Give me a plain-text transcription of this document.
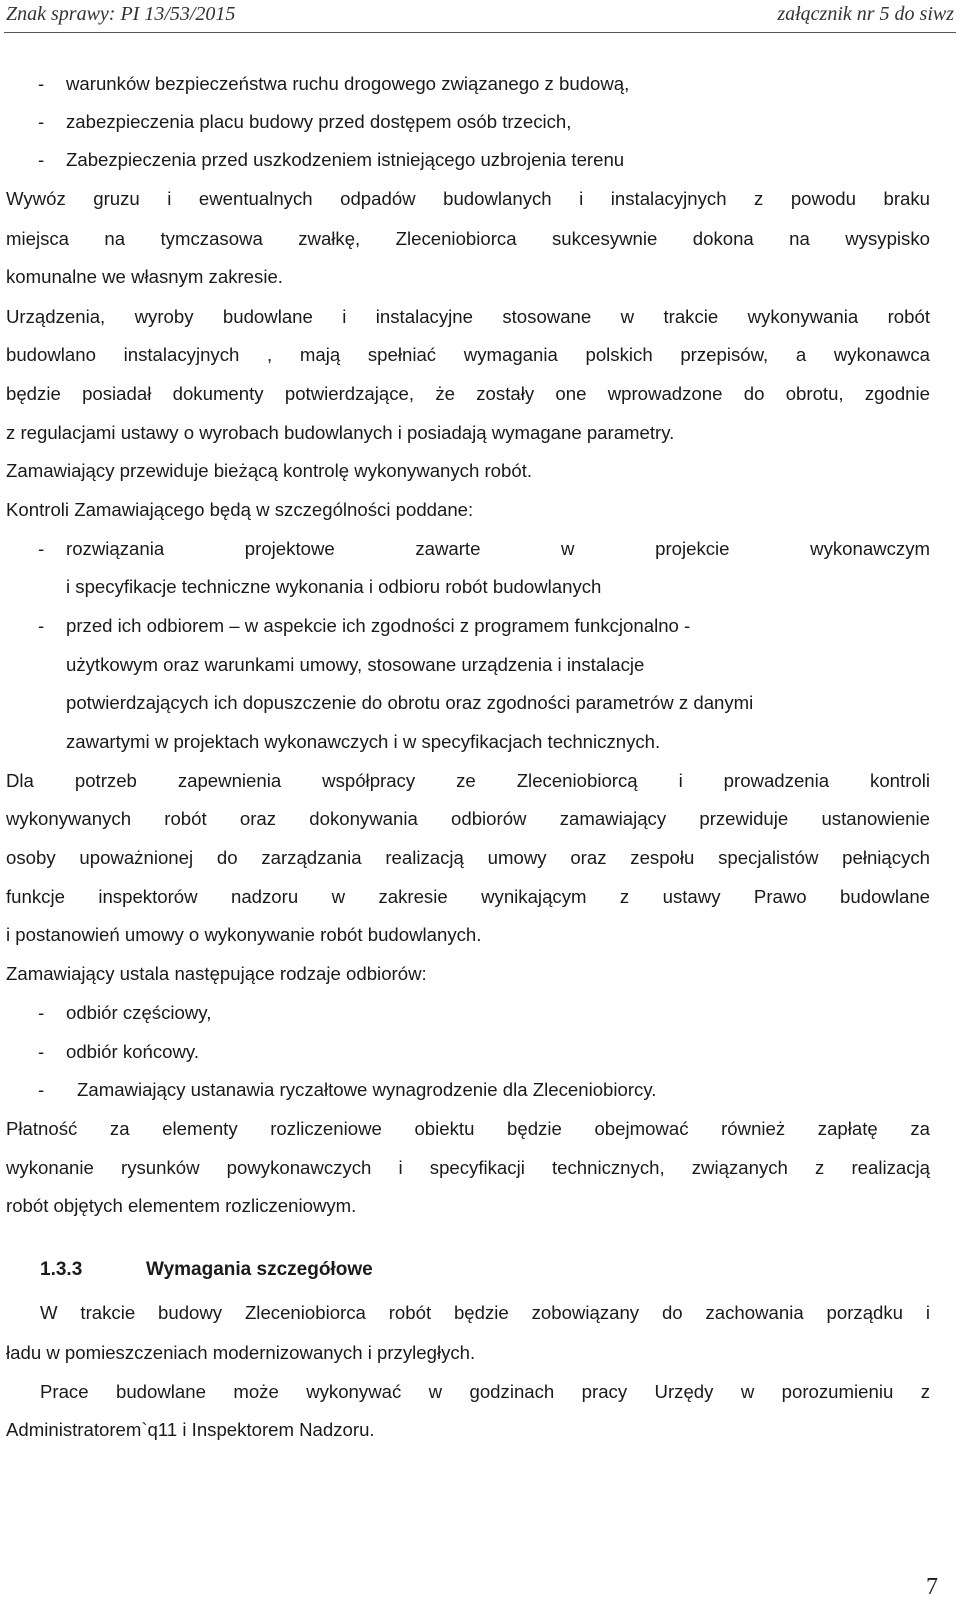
Znak sprawy: PI 13/53/2015	załącznik nr 5 do siwz
- warunków bezpieczeństwa ruchu drogowego związanego z budową,
- zabezpieczenia placu budowy przed dostępem osób trzecich,
- Zabezpieczenia przed uszkodzeniem istniejącego uzbrojenia terenu
Wywóz gruzu i ewentualnych odpadów budowlanych i instalacyjnych z powodu braku
miejsca na tymczasowa zwałkę, Zleceniobiorca sukcesywnie dokona na wysypisko
komunalne we własnym zakresie.
Urządzenia, wyroby budowlane i instalacyjne stosowane w trakcie wykonywania robót
budowlano instalacyjnych , mają spełniać wymagania polskich przepisów, a wykonawca
będzie posiadał dokumenty potwierdzające, że zostały one wprowadzone do obrotu, zgodnie
z regulacjami ustawy o wyrobach budowlanych i posiadają wymagane parametry.
Zamawiający przewiduje bieżącą kontrolę wykonywanych robót.
Kontroli Zamawiającego będą w szczególności poddane:
- rozwiązania projektowe zawarte w projekcie wykonawczym
i specyfikacje techniczne wykonania i odbioru robót budowlanych
- przed ich odbiorem – w aspekcie ich zgodności z programem funkcjonalno -
użytkowym oraz warunkami umowy, stosowane urządzenia i instalacje
potwierdzających ich dopuszczenie do obrotu oraz zgodności parametrów z danymi
zawartymi w projektach wykonawczych i w specyfikacjach technicznych.
Dla potrzeb zapewnienia współpracy ze Zleceniobiorcą i prowadzenia kontroli
wykonywanych robót oraz dokonywania odbiorów zamawiający przewiduje ustanowienie
osoby upoważnionej do zarządzania realizacją umowy oraz zespołu specjalistów pełniących
funkcje inspektorów nadzoru w zakresie wynikającym z ustawy Prawo budowlane
i postanowień umowy o wykonywanie robót budowlanych.
Zamawiający ustala następujące rodzaje odbiorów:
- odbiór częściowy,
- odbiór końcowy.
- Zamawiający ustanawia ryczałtowe wynagrodzenie dla Zleceniobiorcy.
Płatność za elementy rozliczeniowe obiektu będzie obejmować również zapłatę za
wykonanie rysunków powykonawczych i specyfikacji technicznych, związanych z realizacją
robót objętych elementem rozliczeniowym.
1.3.3	Wymagania szczegółowe
W trakcie budowy Zleceniobiorca robót będzie zobowiązany do zachowania porządku i
ładu w pomieszczeniach modernizowanych i przyległych.
Prace budowlane może wykonywać w godzinach pracy Urzędy w porozumieniu z
Administratorem`q11 i Inspektorem Nadzoru.
7
